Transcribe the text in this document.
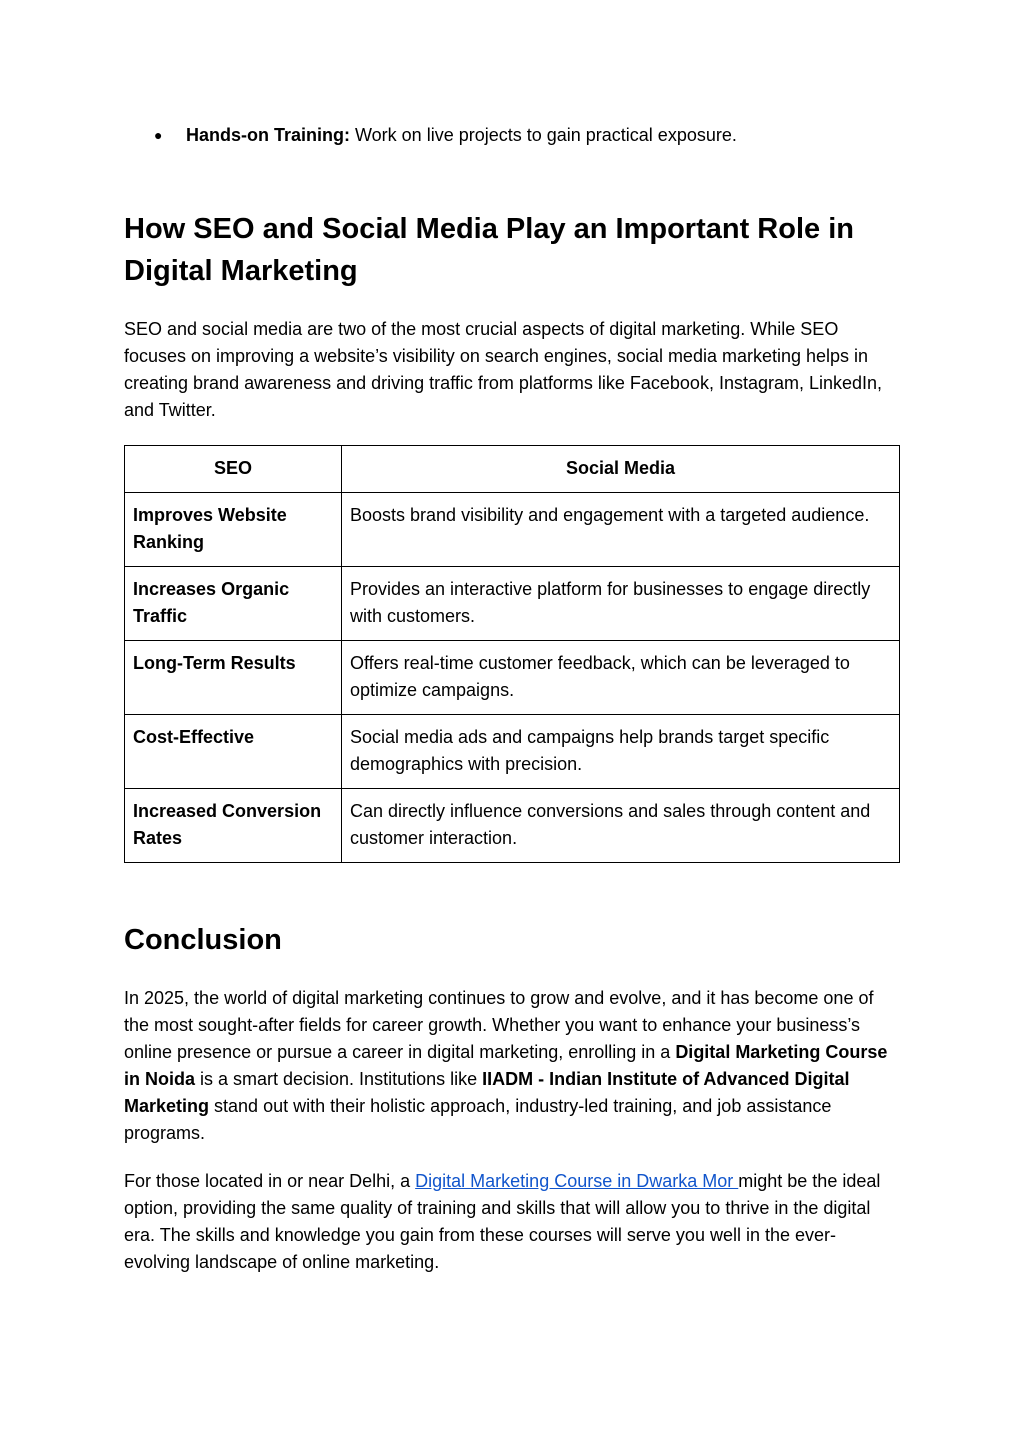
● Hands-on Training: Work on live projects to gain practical exposure.
How SEO and Social Media Play an Important Role in Digital Marketing

SEO and social media are two of the most crucial aspects of digital marketing. While SEO focuses on improving a website’s visibility on search engines, social media marketing helps in creating brand awareness and driving traffic from platforms like Facebook, Instagram, LinkedIn, and Twitter.

SEO	Social Media
Improves Website Ranking	Boosts brand visibility and engagement with a targeted audience.
Increases Organic Traffic	Provides an interactive platform for businesses to engage directly with customers.
Long-Term Results	Offers real-time customer feedback, which can be leveraged to optimize campaigns.
Cost-Effective	Social media ads and campaigns help brands target specific demographics with precision.
Increased Conversion Rates	Can directly influence conversions and sales through content and customer interaction.
Conclusion

In 2025, the world of digital marketing continues to grow and evolve, and it has become one of the most sought-after fields for career growth. Whether you want to enhance your business’s online presence or pursue a career in digital marketing, enrolling in a Digital Marketing Course in Noida is a smart decision. Institutions like IIADM - Indian Institute of Advanced Digital Marketing stand out with their holistic approach, industry-led training, and job assistance programs.

For those located in or near Delhi, a Digital Marketing Course in Dwarka Mor might be the ideal option, providing the same quality of training and skills that will allow you to thrive in the digital era. The skills and knowledge you gain from these courses will serve you well in the ever-evolving landscape of online marketing.
